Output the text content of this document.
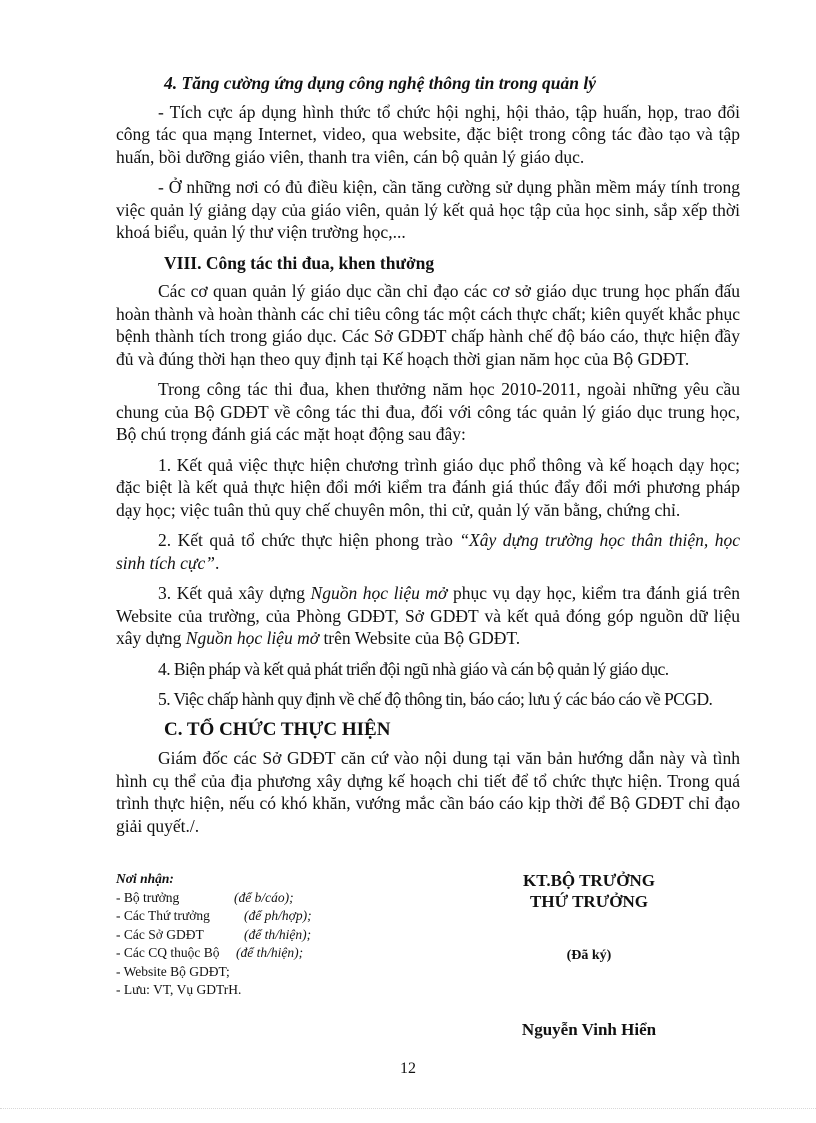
4. Tăng cường ứng dụng công nghệ thông tin trong quản lý

- Tích cực áp dụng hình thức tổ chức hội nghị, hội thảo, tập huấn, họp, trao đổi công tác qua mạng Internet, video, qua website, đặc biệt trong công tác đào tạo và tập huấn, bồi dưỡng giáo viên, thanh tra viên, cán bộ quản lý giáo dục.

- Ở những nơi có đủ điều kiện, cần tăng cường sử dụng phần mềm máy tính trong việc quản lý giảng dạy của giáo viên, quản lý kết quả học tập của học sinh, sắp xếp thời khoá biểu, quản lý thư viện trường học,...

VIII. Công tác thi đua, khen thưởng

Các cơ quan quản lý giáo dục cần chỉ đạo các cơ sở giáo dục trung học phấn đấu hoàn thành và hoàn thành các chỉ tiêu công tác một cách thực chất; kiên quyết khắc phục bệnh thành tích trong giáo dục. Các Sở GDĐT chấp hành chế độ báo cáo, thực hiện đầy đủ và đúng thời hạn theo quy định tại Kế hoạch thời gian năm học của Bộ GDĐT.

Trong công tác thi đua, khen thưởng năm học 2010-2011, ngoài những yêu cầu chung của Bộ GDĐT về công tác thi đua, đối với công tác quản lý giáo dục trung học, Bộ chú trọng đánh giá các mặt hoạt động sau đây:

1. Kết quả việc thực hiện chương trình giáo dục phổ thông và kế hoạch dạy học; đặc biệt là kết quả thực hiện đổi mới kiểm tra đánh giá thúc đẩy đổi mới phương pháp dạy học; việc tuân thủ quy chế chuyên môn, thi cử, quản lý văn bằng, chứng chỉ.

2. Kết quả tổ chức thực hiện phong trào “Xây dựng trường học thân thiện, học sinh tích cực”.

3. Kết quả xây dựng Nguồn học liệu mở phục vụ dạy học, kiểm tra đánh giá trên Website của trường, của Phòng GDĐT, Sở GDĐT và kết quả đóng góp nguồn dữ liệu xây dựng Nguồn học liệu mở trên Website của Bộ GDĐT.

4. Biện pháp và kết quả phát triển đội ngũ nhà giáo và cán bộ quản lý giáo dục.

5. Việc chấp hành quy định về chế độ thông tin, báo cáo; lưu ý các báo cáo về PCGD.

C. TỔ CHỨC THỰC HIỆN

Giám đốc các Sở GDĐT căn cứ vào nội dung tại văn bản hướng dẫn này và tình hình cụ thể của địa phương xây dựng kế hoạch chi tiết để tổ chức thực hiện. Trong quá trình thực hiện, nếu có khó khăn, vướng mắc cần báo cáo kịp thời để Bộ GDĐT chỉ đạo giải quyết./.

Nơi nhận:
- Bộ trưởng	(để b/cáo);
- Các Thứ trưởng	(để ph/hợp);
- Các Sở GDĐT	(để th/hiện);
- Các CQ thuộc Bộ (để th/hiện);
- Website Bộ GDĐT;
- Lưu: VT, Vụ GDTrH.
KT.BỘ TRƯỞNG
THỨ TRƯỞNG
(Đã ký)
Nguyễn Vinh Hiển
12
